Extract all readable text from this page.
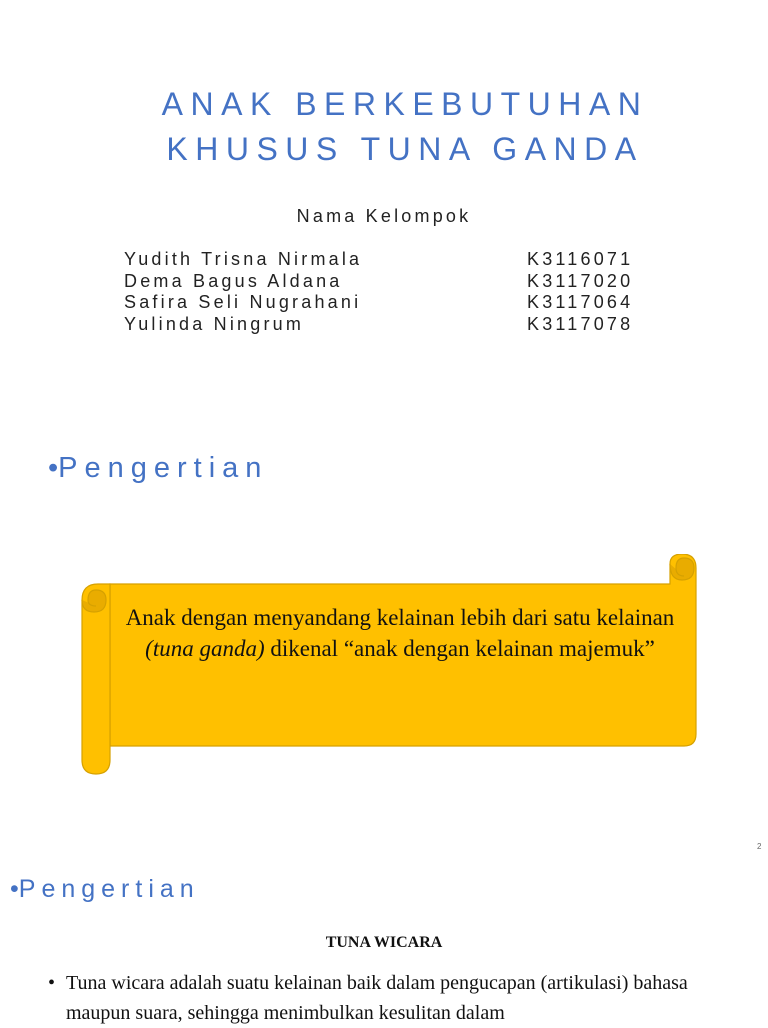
ANAK BERKEBUTUHAN
KHUSUS TUNA GANDA
Nama Kelompok
Yudith Trisna Nirmala	K3116071
Dema Bagus Aldana	K3117020
Safira Seli Nugrahani	K3117064
Yulinda Ningrum	K3117078
•Pengertian
Anak dengan menyandang kelainan lebih dari satu kelainan (tuna ganda) dikenal “anak dengan kelainan majemuk”
2
•Pengertian
TUNA WICARA
• Tuna wicara adalah suatu kelainan baik dalam pengucapan (artikulasi) bahasa maupun suara, sehingga menimbulkan kesulitan dalam
